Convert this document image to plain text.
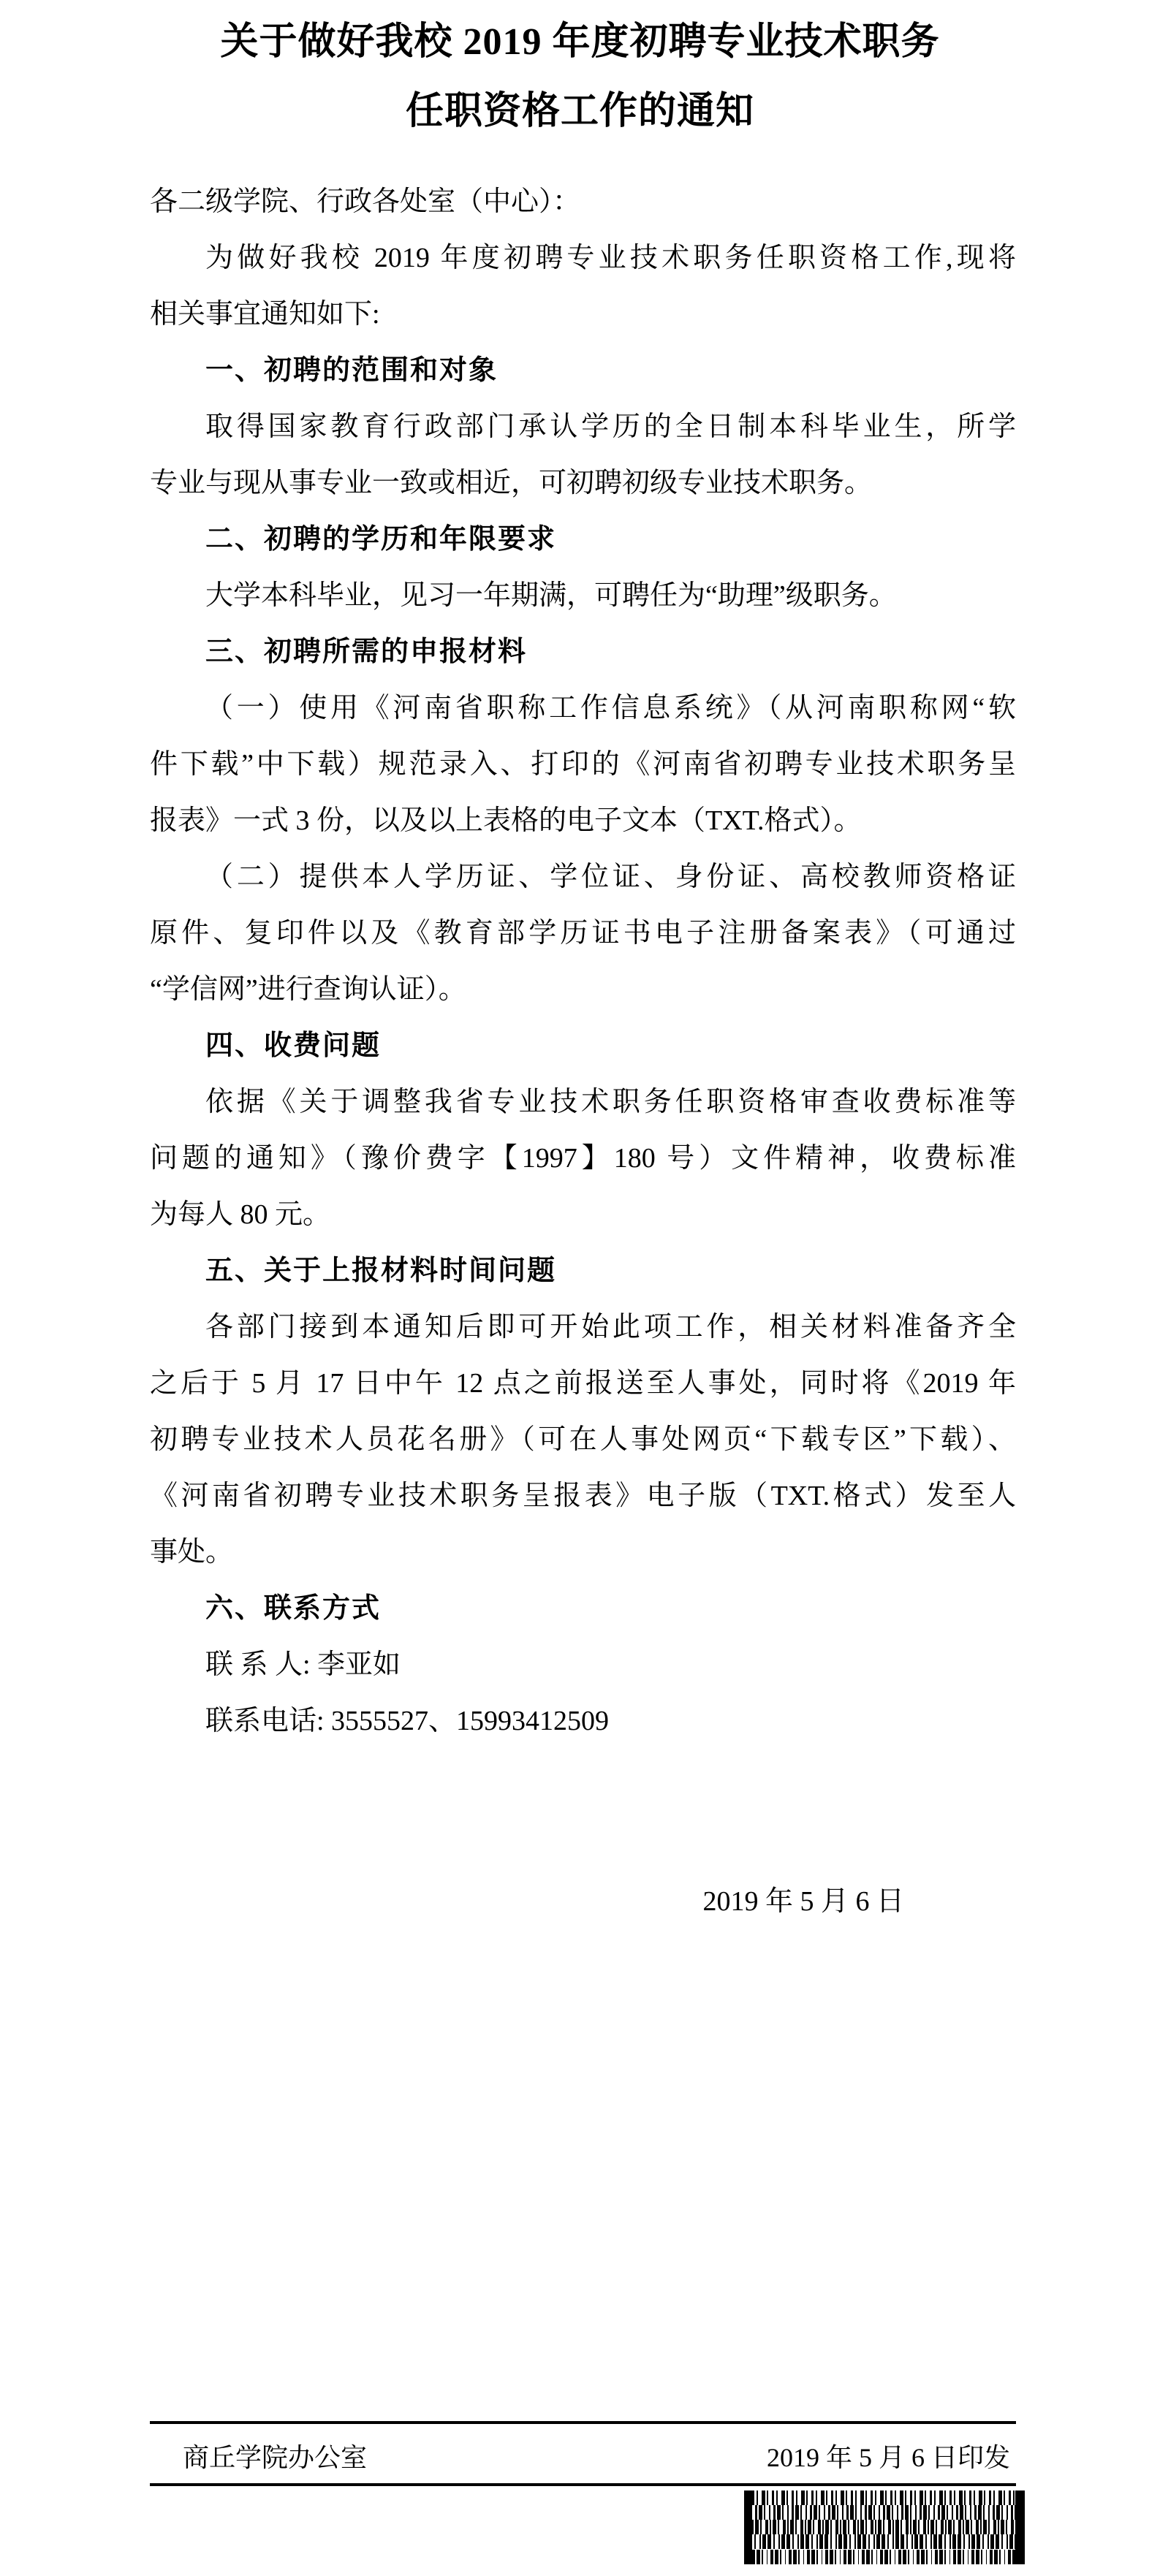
关于做好我校 2019 年度初聘专业技术职务
任职资格工作的通知
各二级学院、行政各处室（中心）：
为做好我校 2019 年度初聘专业技术职务任职资格工作,现将
相关事宜通知如下:
一、初聘的范围和对象
取得国家教育行政部门承认学历的全日制本科毕业生，所学
专业与现从事专业一致或相近，可初聘初级专业技术职务。
二、初聘的学历和年限要求
大学本科毕业，见习一年期满，可聘任为“助理”级职务。
三、初聘所需的申报材料
（一）使用《河南省职称工作信息系统》（从河南职称网“软
件下载”中下载）规范录入、打印的《河南省初聘专业技术职务呈
报表》一式 3 份，以及以上表格的电子文本（TXT.格式）。
（二）提供本人学历证、学位证、身份证、高校教师资格证
原件、复印件以及《教育部学历证书电子注册备案表》（可通过
“学信网”进行查询认证）。
四、收费问题
依据《关于调整我省专业技术职务任职资格审查收费标准等
问题的通知》（豫价费字【1997】180 号）文件精神，收费标准
为每人 80 元。
五、关于上报材料时间问题
各部门接到本通知后即可开始此项工作，相关材料准备齐全
之后于 5 月 17 日中午 12 点之前报送至人事处，同时将《2019 年
初聘专业技术人员花名册》（可在人事处网页“下载专区”下载）、
《河南省初聘专业技术职务呈报表》电子版（TXT.格式）发至人
事处。
六、联系方式
联 系 人: 李亚如
联系电话: 3555527、15993412509
2019 年 5 月 6 日
商丘学院办公室	2019 年 5 月 6 日印发
